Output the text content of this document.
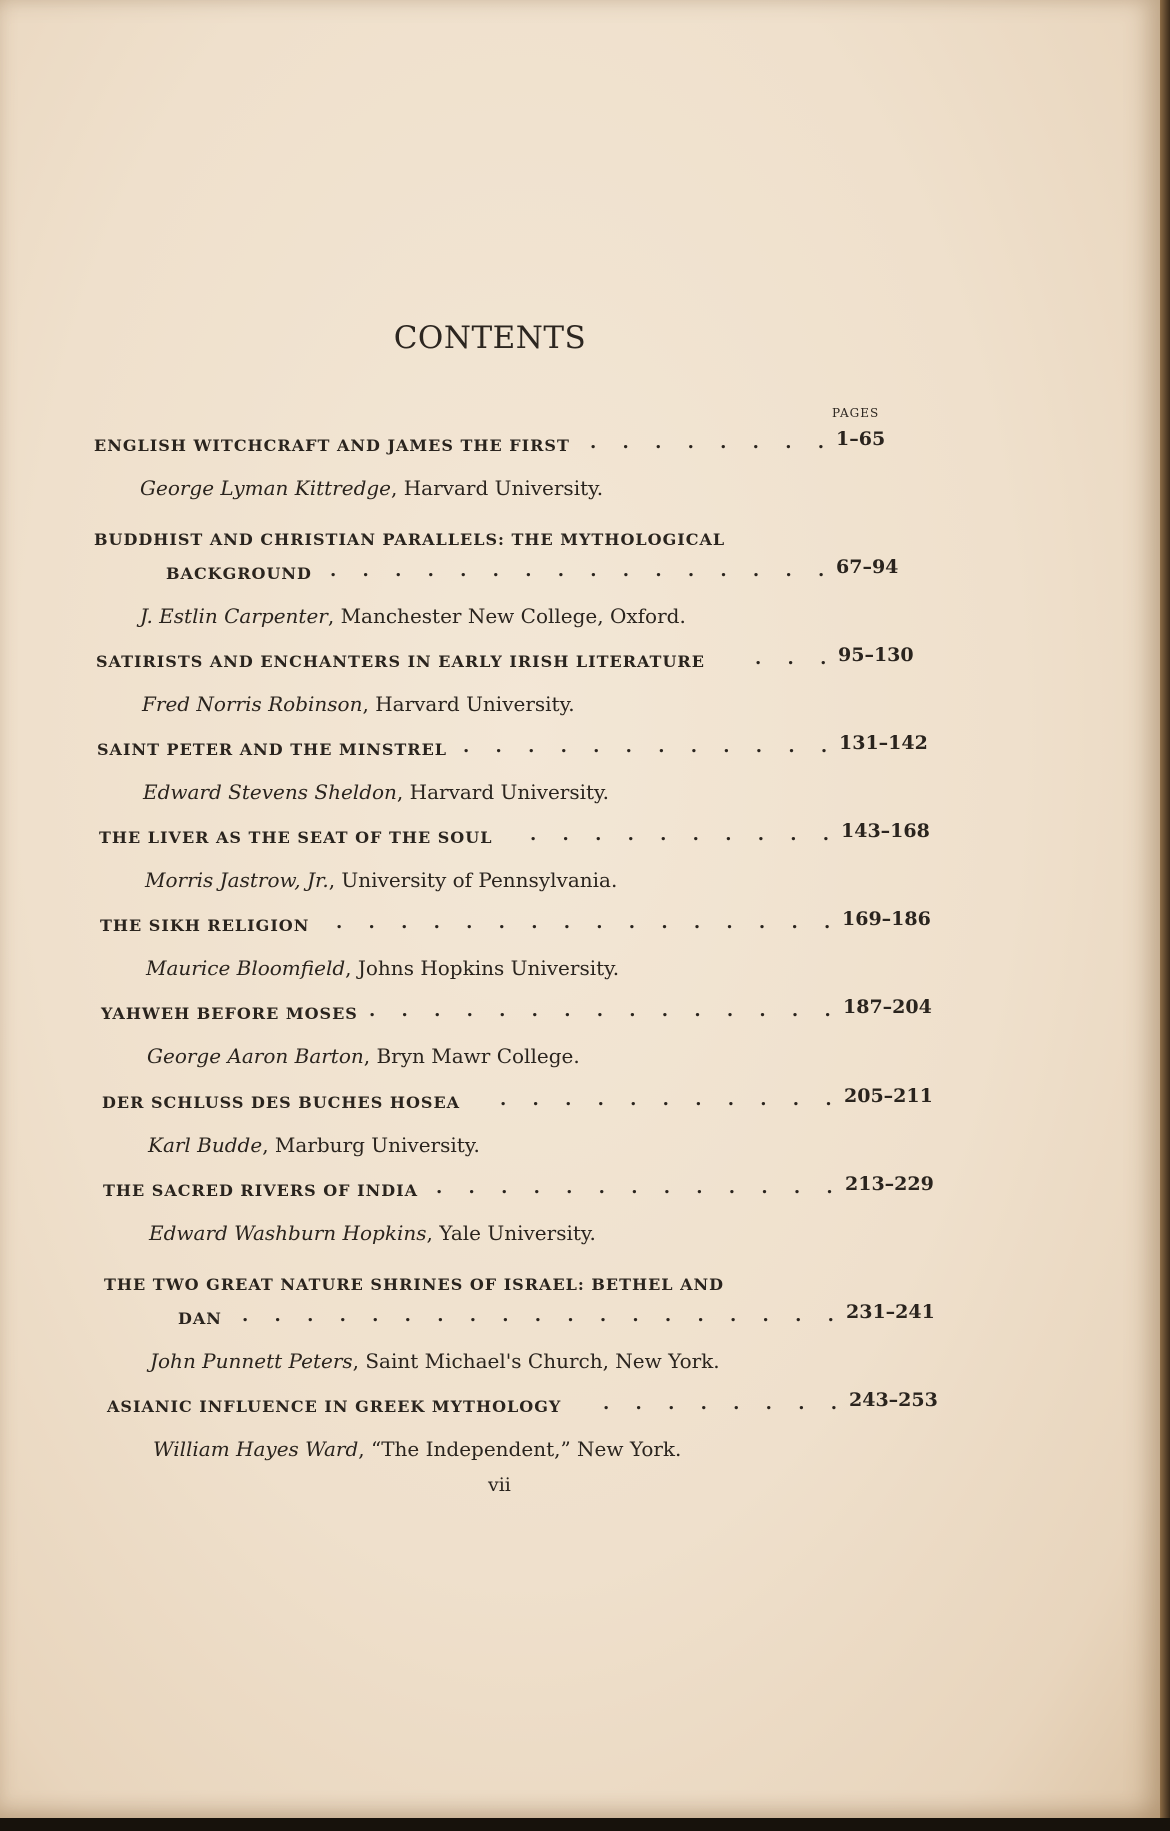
CONTENTS
PAGES
ENGLISH WITCHCRAFT AND JAMES THE FIRST . . . . . . . . 1–65
George Lyman Kittredge, Harvard University.
BUDDHIST AND CHRISTIAN PARALLELS: THE MYTHOLOGICAL
BACKGROUND . . . . . . . . . . . . . . . . 67–94
J. Estlin Carpenter, Manchester New College, Oxford.
SATIRISTS AND ENCHANTERS IN EARLY IRISH LITERATURE	. . . 95–130
Fred Norris Robinson, Harvard University.
SAINT PETER AND THE MINSTREL . . . . . . . . . . . . 131–142
Edward Stevens Sheldon, Harvard University.
THE LIVER AS THE SEAT OF THE SOUL . . . . . . . . . . 143–168
Morris Jastrow, Jr., University of Pennsylvania.
THE SIKH RELIGION . . . . . . . . . . . . . . . . 169–186
Maurice Bloomfield, Johns Hopkins University.
YAHWEH BEFORE MOSES . . . . . . . . . . . . . . . 187–204
George Aaron Barton, Bryn Mawr College.
DER SCHLUSS DES BUCHES HOSEA . . . . . . . . . . . 205–211
Karl Budde, Marburg University.
THE SACRED RIVERS OF INDIA . . . . . . . . . . . . . 213–229
Edward Washburn Hopkins, Yale University.
THE TWO GREAT NATURE SHRINES OF ISRAEL: BETHEL AND
DAN . . . . . . . . . . . . . . . . . . . 231–241
John Punnett Peters, Saint Michael's Church, New York.
ASIANIC INFLUENCE IN GREEK MYTHOLOGY . . . . . . . . 243–253
William Hayes Ward, “The Independent,” New York.
vii
